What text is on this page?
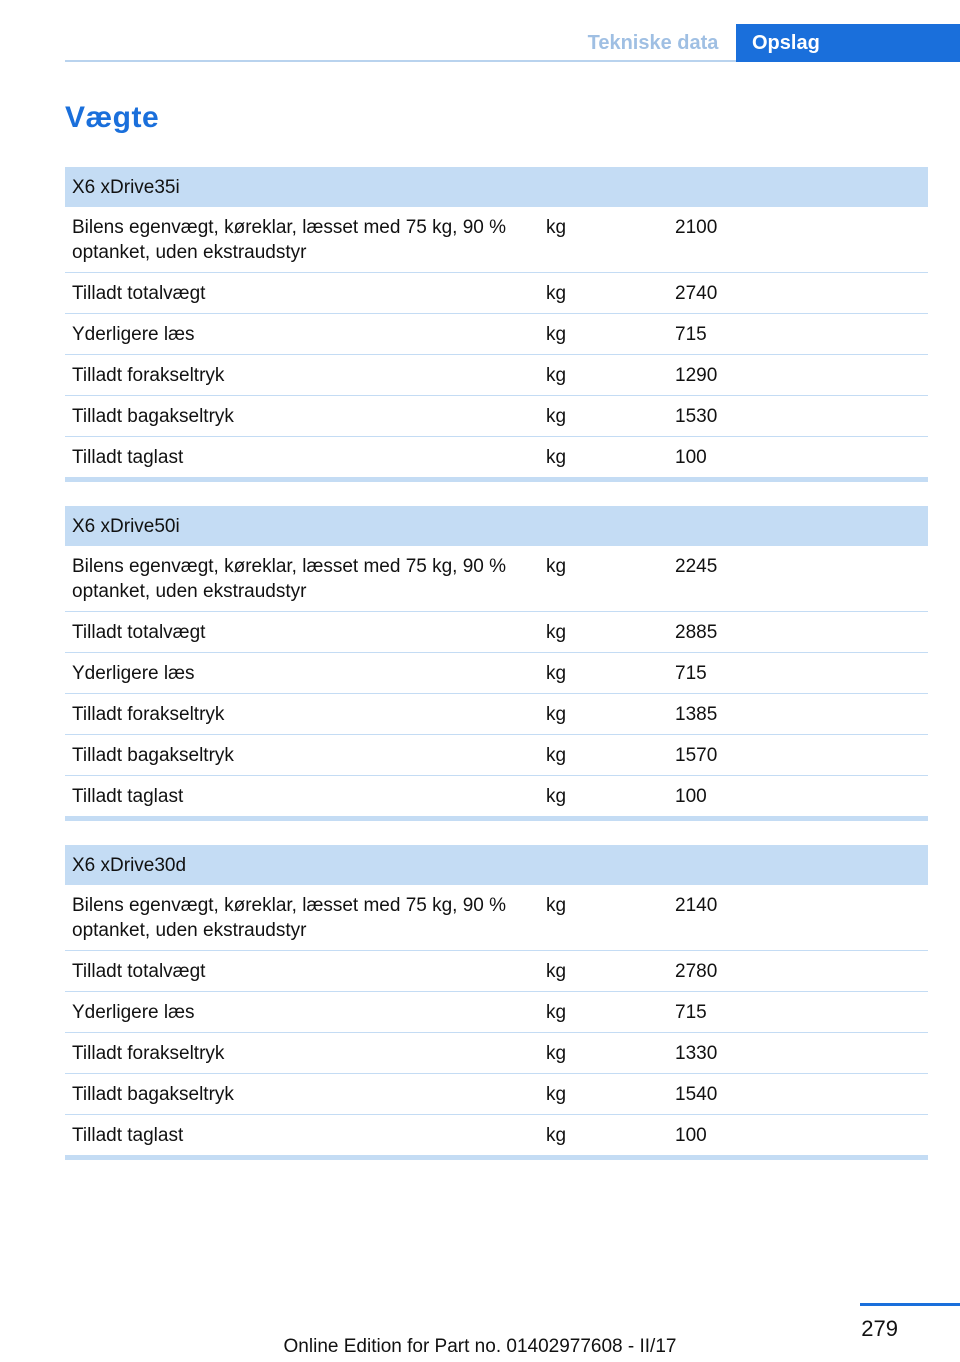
Tekniske data	Opslag
Vægte
X6 xDrive35i		
Bilens egenvægt, køreklar, læsset med 75 kg, 90 % optanket, uden ekstraudstyr	kg	2100
Tilladt totalvægt	kg	2740
Yderligere læs	kg	715
Tilladt forakseltryk	kg	1290
Tilladt bagakseltryk	kg	1530
Tilladt taglast	kg	100
X6 xDrive50i		
Bilens egenvægt, køreklar, læsset med 75 kg, 90 % optanket, uden ekstraudstyr	kg	2245
Tilladt totalvægt	kg	2885
Yderligere læs	kg	715
Tilladt forakseltryk	kg	1385
Tilladt bagakseltryk	kg	1570
Tilladt taglast	kg	100
X6 xDrive30d		
Bilens egenvægt, køreklar, læsset med 75 kg, 90 % optanket, uden ekstraudstyr	kg	2140
Tilladt totalvægt	kg	2780
Yderligere læs	kg	715
Tilladt forakseltryk	kg	1330
Tilladt bagakseltryk	kg	1540
Tilladt taglast	kg	100
279
Online Edition for Part no. 01402977608 - II/17
